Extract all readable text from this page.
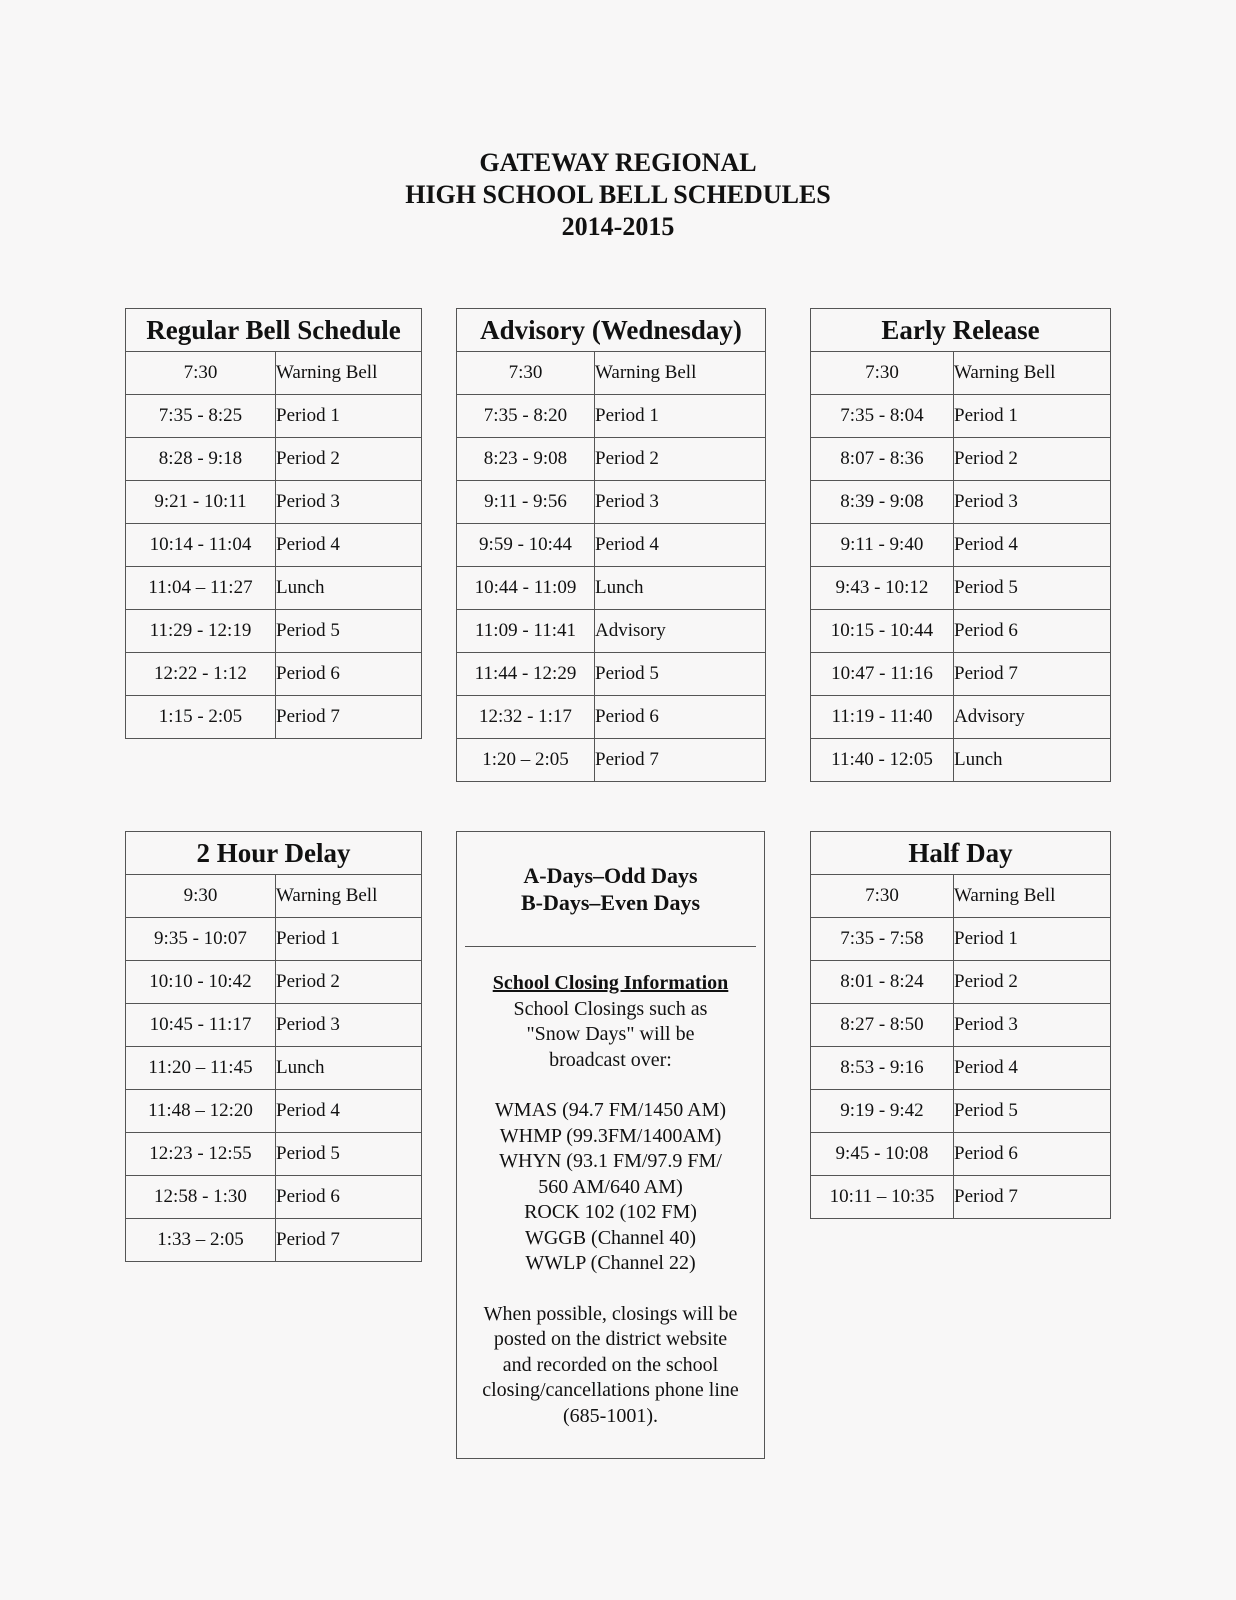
GATEWAY REGIONAL
HIGH SCHOOL BELL SCHEDULES
2014-2015
Regular Bell Schedule	
7:30	Warning Bell
7:35 - 8:25	Period 1
8:28 - 9:18	Period 2
9:21 - 10:11	Period 3
10:14 - 11:04	Period 4
11:04 – 11:27	Lunch
11:29 - 12:19	Period 5
12:22 - 1:12	Period 6
1:15 - 2:05	Period 7
Advisory (Wednesday)	
7:30	Warning Bell
7:35 - 8:20	Period 1
8:23 - 9:08	Period 2
9:11 - 9:56	Period 3
9:59 - 10:44	Period 4
10:44 - 11:09	Lunch
11:09 - 11:41	Advisory
11:44 - 12:29	Period 5
12:32 - 1:17	Period 6
1:20 – 2:05	Period 7
Early Release	
7:30	Warning Bell
7:35 - 8:04	Period 1
8:07 - 8:36	Period 2
8:39 - 9:08	Period 3
9:11 - 9:40	Period 4
9:43 - 10:12	Period 5
10:15 - 10:44	Period 6
10:47 - 11:16	Period 7
11:19 - 11:40	Advisory
11:40 - 12:05	Lunch
2 Hour Delay	
9:30	Warning Bell
9:35 - 10:07	Period 1
10:10 - 10:42	Period 2
10:45 - 11:17	Period 3
11:20 – 11:45	Lunch
11:48 – 12:20	Period 4
12:23 - 12:55	Period 5
12:58 - 1:30	Period 6
1:33 – 2:05	Period 7
Half Day	
7:30	Warning Bell
7:35 - 7:58	Period 1
8:01 - 8:24	Period 2
8:27 - 8:50	Period 3
8:53 - 9:16	Period 4
9:19 - 9:42	Period 5
9:45 - 10:08	Period 6
10:11 – 10:35	Period 7
A-Days–Odd Days
B-Days–Even Days
School Closing Information
School Closings such as
"Snow Days" will be
broadcast over:
WMAS (94.7 FM/1450 AM)
WHMP (99.3FM/1400AM)
WHYN (93.1 FM/97.9 FM/
560 AM/640 AM)
ROCK 102 (102 FM)
WGGB (Channel 40)
WWLP (Channel 22)
When possible, closings will be
posted on the district website
and recorded on the school
closing/cancellations phone line
(685-1001).
